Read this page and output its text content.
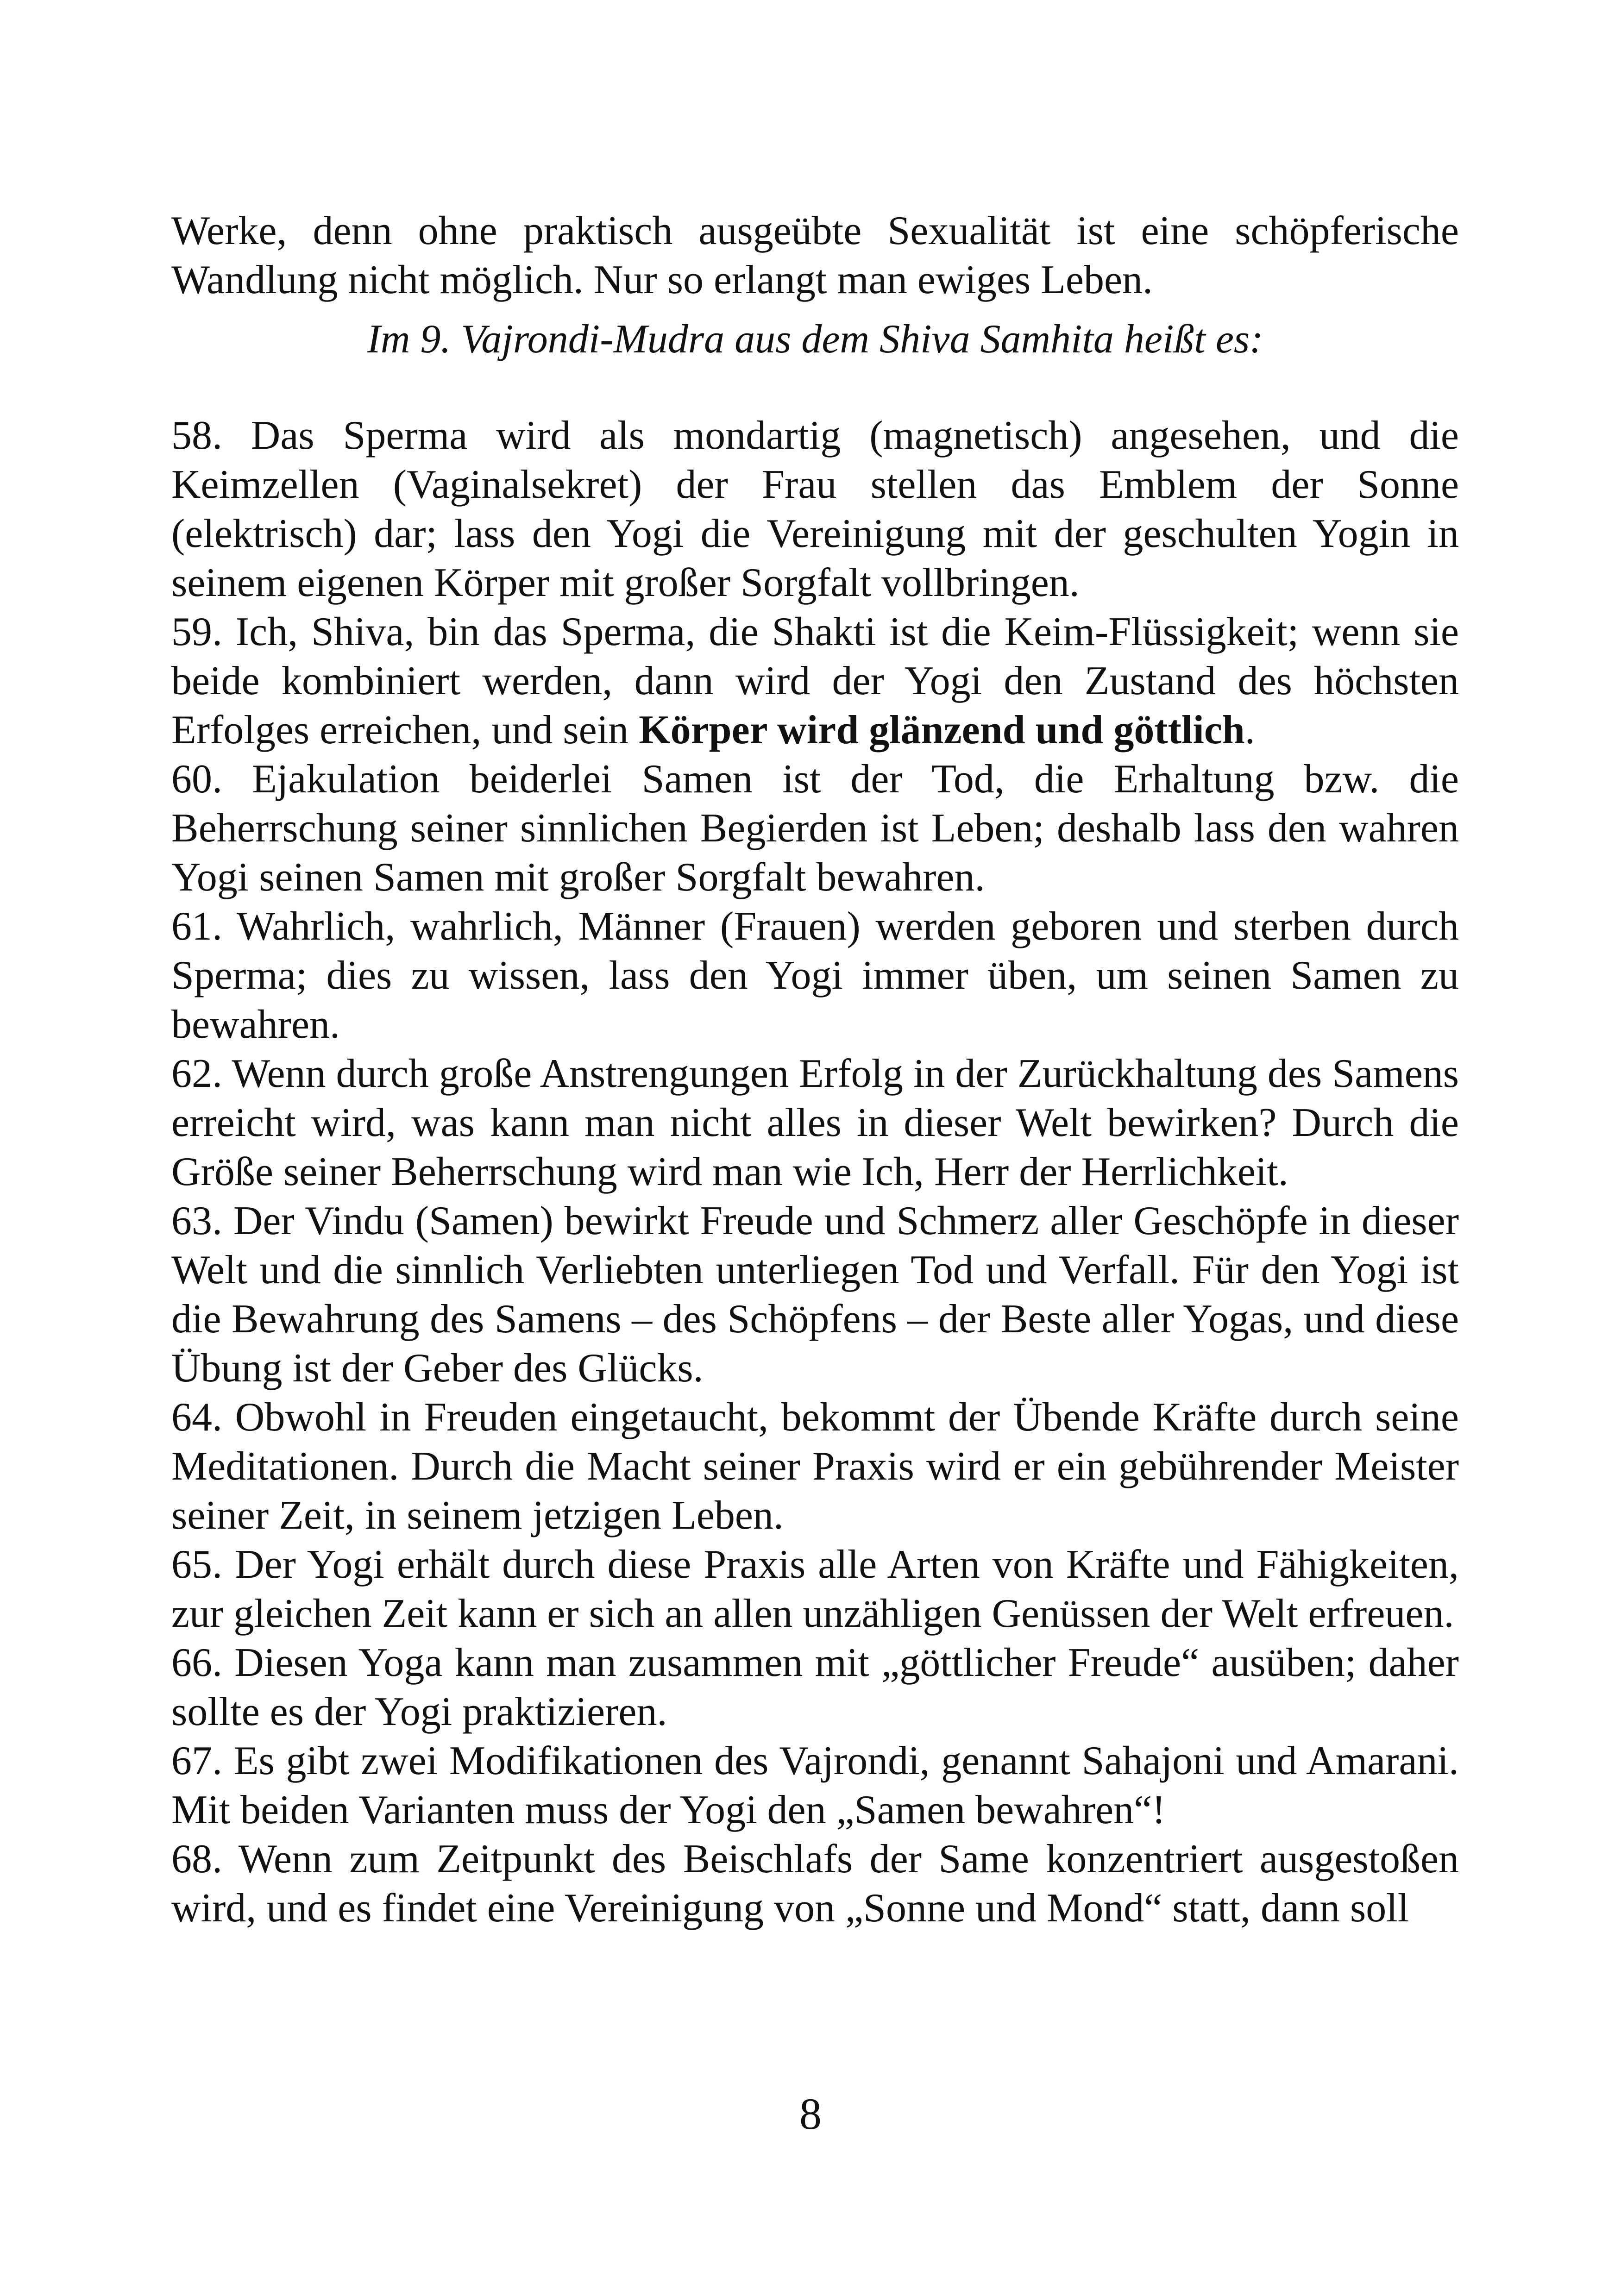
Werke, denn ohne praktisch ausgeübte Sexualität ist eine schöpferische Wandlung nicht möglich. Nur so erlangt man ewiges Leben.

Im 9. Vajrondi-Mudra aus dem Shiva Samhita heißt es:

58. Das Sperma wird als mondartig (magnetisch) angesehen, und die Keimzellen (Vaginalsekret) der Frau stellen das Emblem der Sonne (elektrisch) dar; lass den Yogi die Vereinigung mit der geschulten Yogin in seinem eigenen Körper mit großer Sorgfalt vollbringen.

59. Ich, Shiva, bin das Sperma, die Shakti ist die Keim-Flüssigkeit; wenn sie beide kombiniert werden, dann wird der Yogi den Zustand des höchsten Erfolges erreichen, und sein Körper wird glänzend und göttlich.

60. Ejakulation beiderlei Samen ist der Tod, die Erhaltung bzw. die Beherrschung seiner sinnlichen Begierden ist Leben; deshalb lass den wahren Yogi seinen Samen mit großer Sorgfalt bewahren.

61. Wahrlich, wahrlich, Männer (Frauen) werden geboren und sterben durch Sperma; dies zu wissen, lass den Yogi immer üben, um seinen Samen zu bewahren.

62. Wenn durch große Anstrengungen Erfolg in der Zurückhaltung des Samens erreicht wird, was kann man nicht alles in dieser Welt bewirken? Durch die Größe seiner Beherrschung wird man wie Ich, Herr der Herrlichkeit.

63. Der Vindu (Samen) bewirkt Freude und Schmerz aller Geschöpfe in dieser Welt und die sinnlich Verliebten unterliegen Tod und Verfall. Für den Yogi ist die Bewahrung des Samens – des Schöpfens – der Beste aller Yogas, und diese Übung ist der Geber des Glücks.

64. Obwohl in Freuden eingetaucht, bekommt der Übende Kräfte durch seine Meditationen. Durch die Macht seiner Praxis wird er ein gebührender Meister seiner Zeit, in seinem jetzigen Leben.

65. Der Yogi erhält durch diese Praxis alle Arten von Kräfte und Fähigkeiten, zur gleichen Zeit kann er sich an allen unzähligen Genüssen der Welt erfreuen.

66. Diesen Yoga kann man zusammen mit „göttlicher Freude“ ausüben; daher sollte es der Yogi praktizieren.

67. Es gibt zwei Modifikationen des Vajrondi, genannt Sahajoni und Amarani. Mit beiden Varianten muss der Yogi den „Samen bewahren“!

68. Wenn zum Zeitpunkt des Beischlafs der Same konzentriert ausgestoßen wird, und es findet eine Vereinigung von „Sonne und Mond“ statt, dann soll

8
